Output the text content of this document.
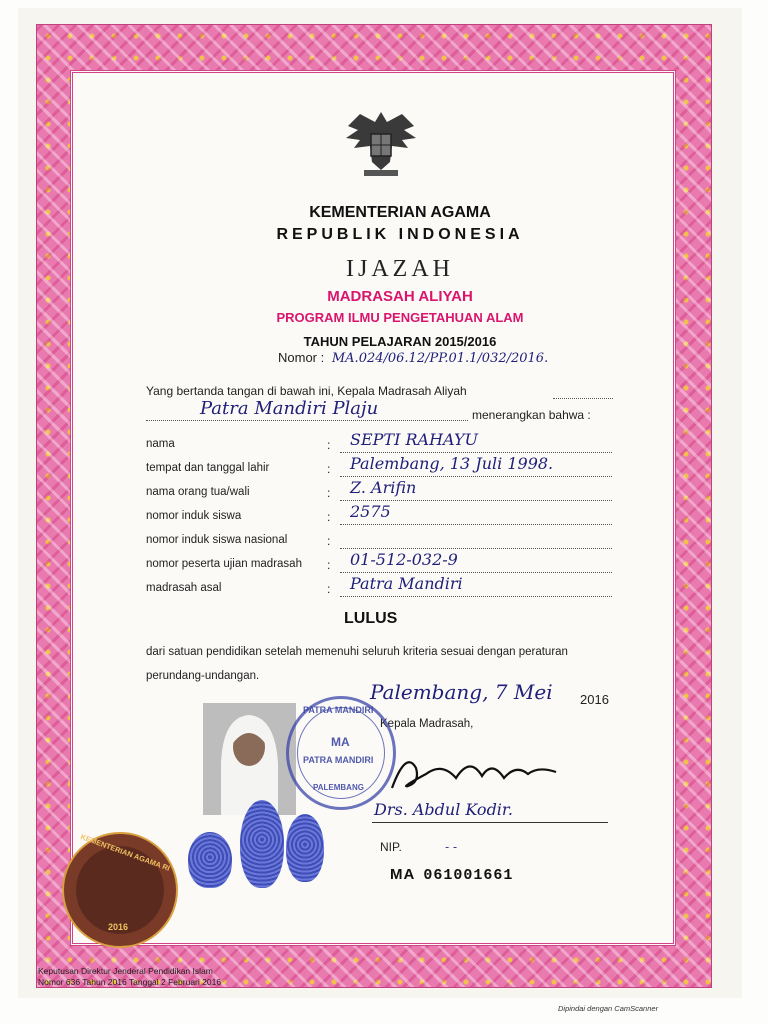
KEMENTERIAN AGAMA
REPUBLIK INDONESIA
IJAZAH
MADRASAH ALIYAH
PROGRAM ILMU PENGETAHUAN ALAM
TAHUN PELAJARAN 2015/2016
Nomor : MA.024/06.12/PP.01.1/032/2016.
Yang bertanda tangan di bawah ini, Kepala Madrasah Aliyah
Patra Mandiri Plaju	menerangkan bahwa :
nama	: SEPTI RAHAYU
tempat dan tanggal lahir	: Palembang, 13 Juli 1998.
nama orang tua/wali	: Z. Arifin
nomor induk siswa	: 2575
nomor induk siswa nasional	:
nomor peserta ujian madrasah : 01-512-032-9
madrasah asal	: Patra Mandiri
LULUS
dari satuan pendidikan setelah memenuhi seluruh kriteria sesuai dengan peraturan perundang-undangan.
Palembang, 7 Mei 2016
Kepala Madrasah,
PATRA MANDIRI
MA
PATRA MANDIRI
PALEMBANG
Drs. Abdul Kodir.
NIP.	- -
MA 061001661
KEMENTERIAN AGAMA RI
2016
Keputusan Direktur Jenderal Pendidikan Islam
Nomor 636 Tahun 2016 Tanggal 2 Februari 2016
Dipindai dengan CamScanner
